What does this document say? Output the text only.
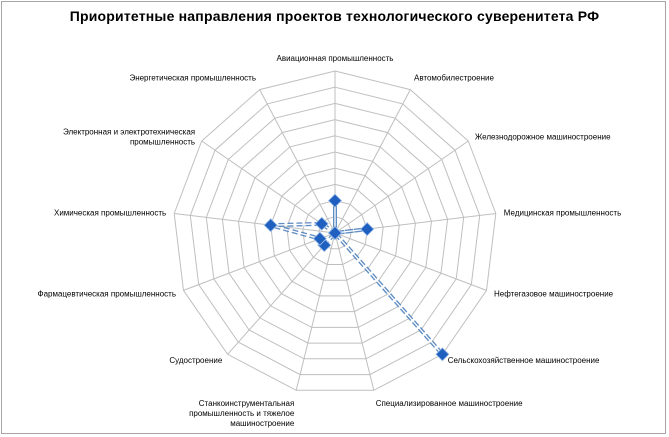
Приоритетные направления проектов технологического суверенитета РФ
Авиационная промышленность
Автомобилестроение
Железнодорожное машиностроение
Медицинская промышленность
Нефтегазовое машиностроение
Сельскохозяйственное машиностроение
Специализированное машиностроение
Станкоинструментальная промышленность и тяжелое машиностроение
Судостроение
Фармацевтическая промышленность
Химическая промышленность
Электронная и электротехническая промышленность
Энергетическая промышленность
